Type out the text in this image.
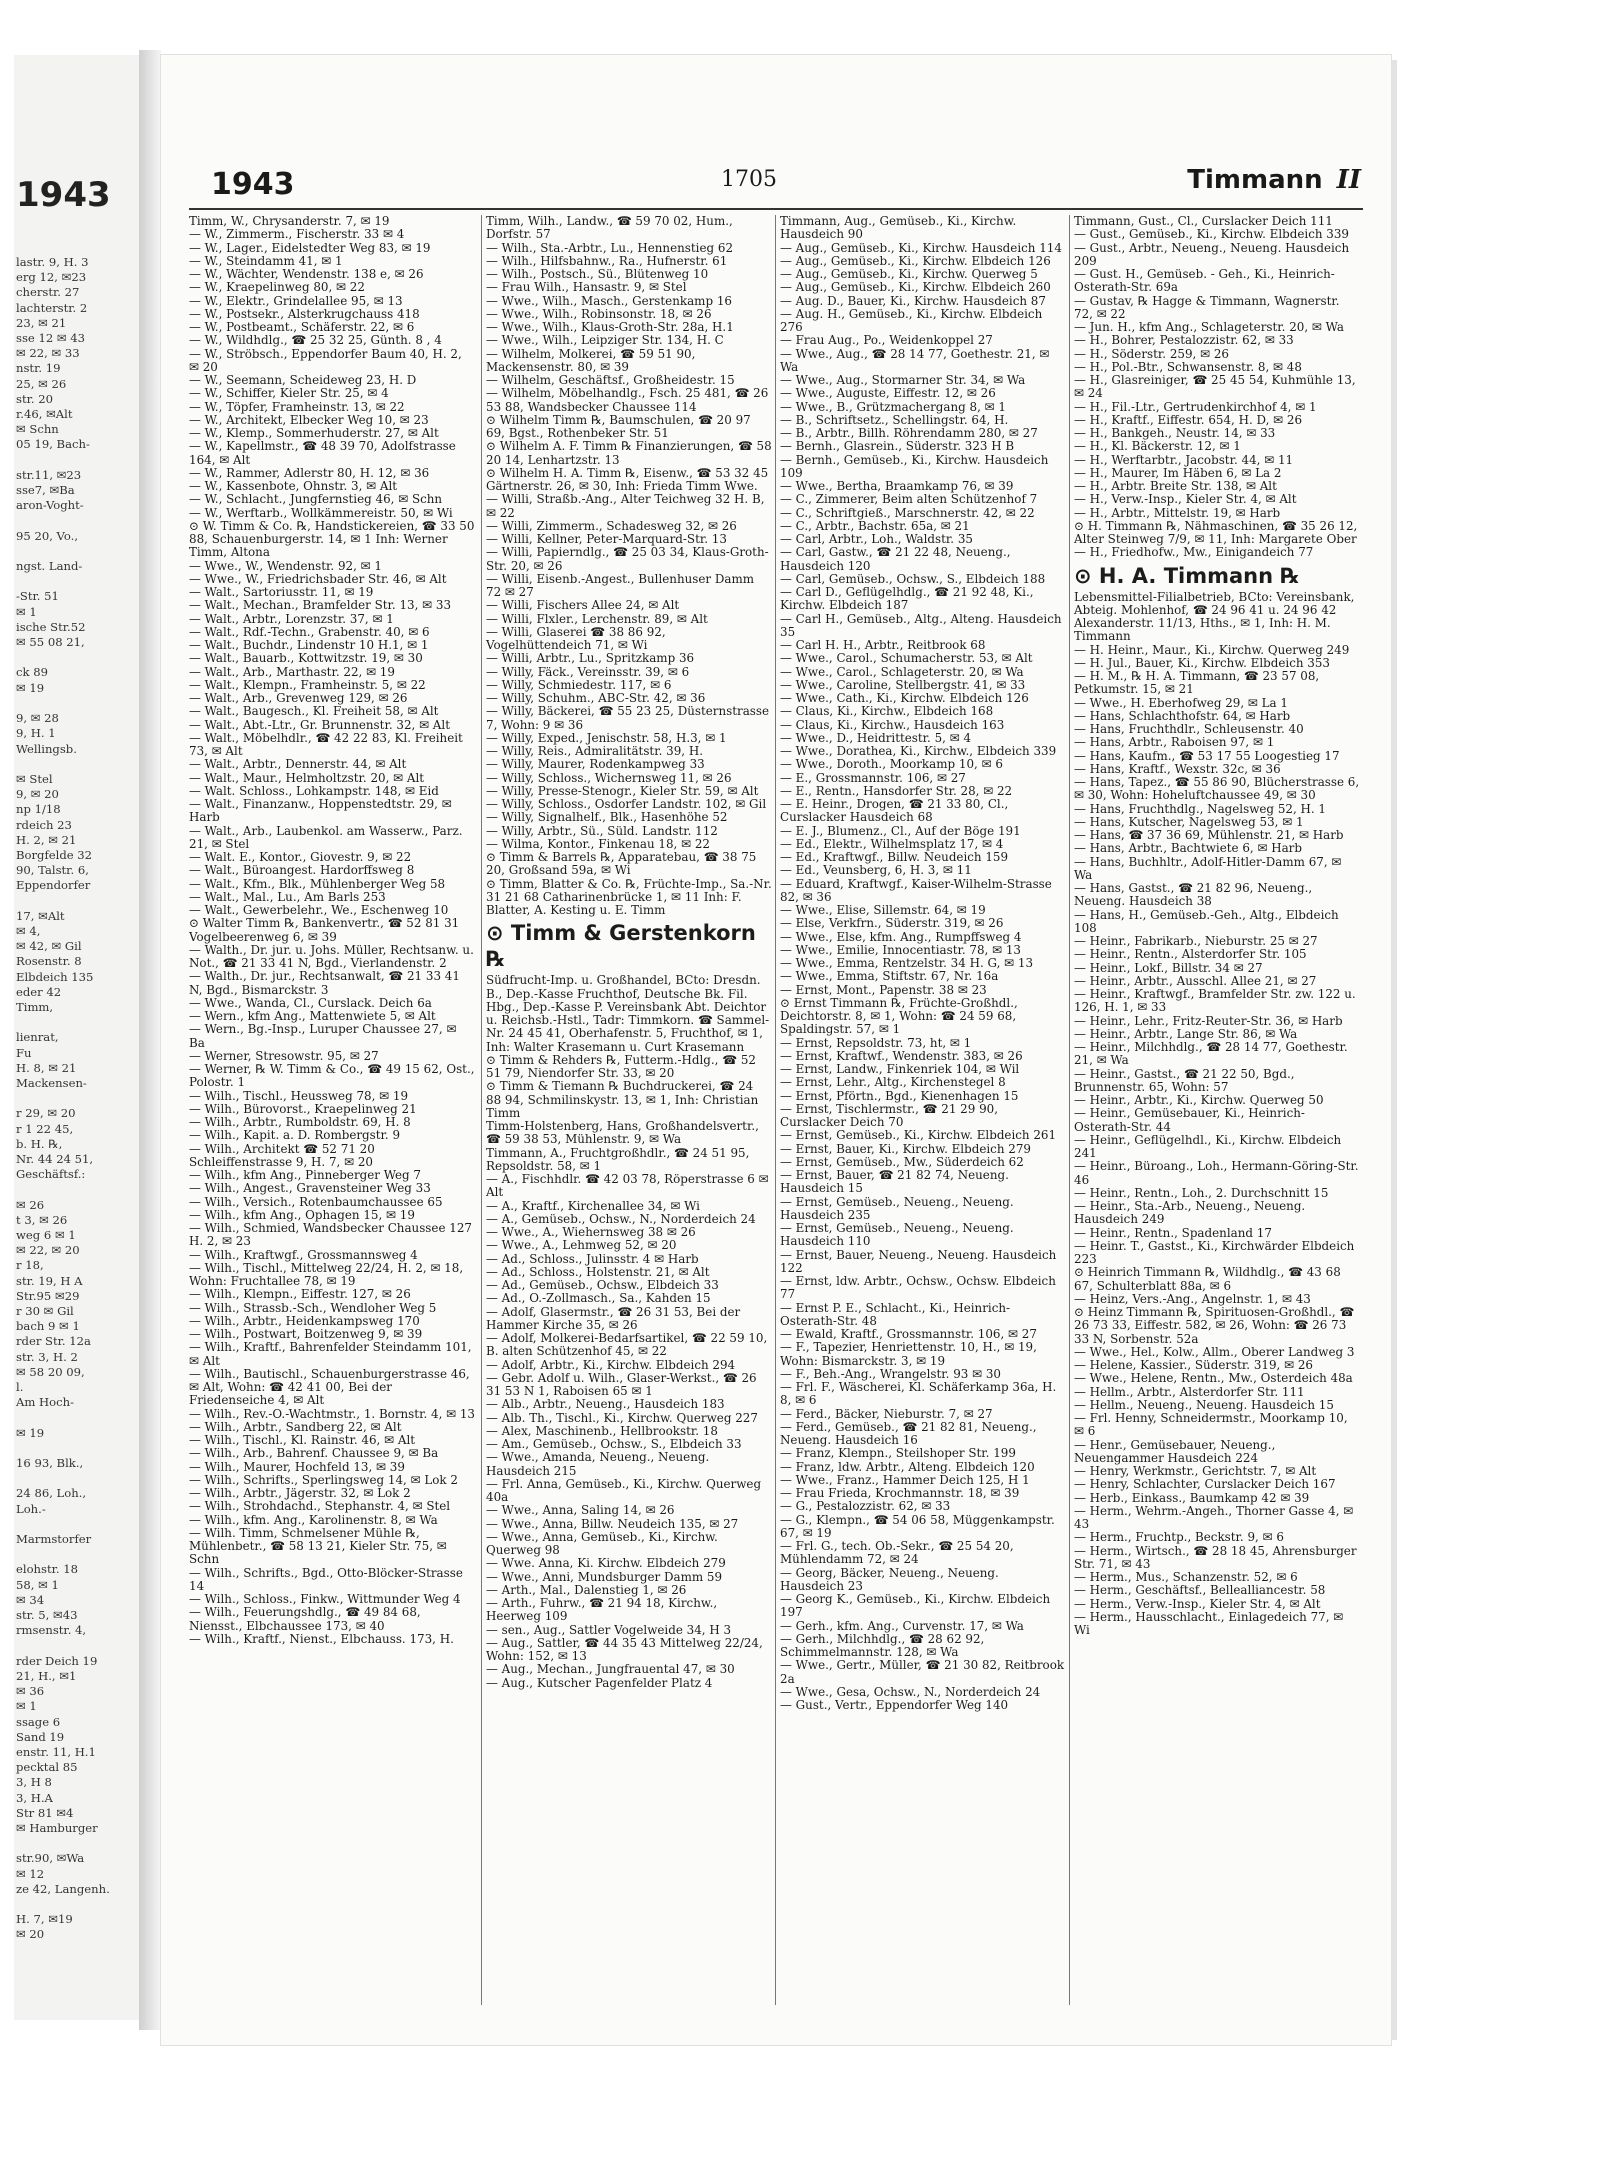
1943
lastr. 9, H. 3
erg 12, ✉23
cherstr. 27
lachterstr. 2
23, ✉ 21
sse 12 ✉ 43
✉ 22, ✉ 33
nstr. 19
25, ✉ 26
str. 20
r.46, ✉Alt
✉ Schn
05 19, Bach-

str.11, ✉23
sse7, ✉Ba
aron-Voght-

95 20, Vo.,

ngst. Land-

-Str. 51
✉ 1
ische Str.52
✉ 55 08 21,

ck 89
✉ 19

9, ✉ 28
9, H. 1
Wellingsb.

✉ Stel
9, ✉ 20
np 1/18
rdeich 23
H. 2, ✉ 21
Borgfelde 32
90, Talstr. 6,
Eppendorfer

17, ✉Alt
✉ 4,
✉ 42, ✉ Gil
Rosenstr. 8
Elbdeich 135
eder 42
Timm,

lienrat,
Fu
H. 8, ✉ 21
Mackensen-

r 29, ✉ 20
r 1 22 45,
b. H. ℞,
Nr. 44 24 51,
Geschäftsf.:

✉ 26
t 3, ✉ 26
weg 6 ✉ 1
✉ 22, ✉ 20
r 18,
str. 19, H A
Str.95 ✉29
r 30 ✉ Gil
bach 9 ✉ 1
rder Str. 12a
str. 3, H. 2
✉ 58 20 09,
l.
Am Hoch-

✉ 19

16 93, Blk.,

24 86, Loh.,
Loh.-

Marmstorfer

elohstr. 18
58, ✉ 1
✉ 34
str. 5, ✉43
rmsenstr. 4,

rder Deich 19
21, H., ✉1
✉ 36
✉ 1
ssage 6
Sand 19
enstr. 11, H.1
pecktal 85
3, H 8
3, H.A
Str 81 ✉4
✉ Hamburger

str.90, ✉Wa
✉ 12
ze 42, Langenh.

H. 7, ✉19
✉ 20
1943	1705	Timmann II
Timm, W., Chrysanderstr. 7, ✉ 19
— W., Zimmerm., Fischerstr. 33 ✉ 4
— W., Lager., Eidelstedter Weg 83, ✉ 19
— W., Steindamm 41, ✉ 1
— W., Wächter, Wendenstr. 138 e, ✉ 26
— W., Kraepelinweg 80, ✉ 22
— W., Elektr., Grindelallee 95, ✉ 13
— W., Postsekr., Alsterkrugchauss 418
— W., Postbeamt., Schäferstr. 22, ✉ 6
— W., Wildhdlg., ☎ 25 32 25, Günth. 8 , 4
— W., Ströbsch., Eppendorfer Baum 40, H. 2, ✉ 20
— W., Seemann, Scheideweg 23, H. D
— W., Schiffer, Kieler Str. 25, ✉ 4
— W., Töpfer, Framheinstr. 13, ✉ 22
— W., Architekt, Elbecker Weg 10, ✉ 23
— W., Klemp., Sommerhuderstr. 27, ✉ Alt
— W., Kapellmstr., ☎ 48 39 70, Adolfstrasse 164, ✉ Alt
— W., Rammer, Adlerstr 80, H. 12, ✉ 36
— W., Kassenbote, Ohnstr. 3, ✉ Alt
— W., Schlacht., Jungfernstieg 46, ✉ Schn
— W., Werftarb., Wollkämmereistr. 50, ✉ Wi
⊙ W. Timm & Co. ℞, Handstickereien, ☎ 33 50 88, Schauenburgerstr. 14, ✉ 1 Inh: Werner Timm, Altona
— Wwe., W., Wendenstr. 92, ✉ 1
— Wwe., W., Friedrichsbader Str. 46, ✉ Alt
— Walt., Sartoriusstr. 11, ✉ 19
— Walt., Mechan., Bramfelder Str. 13, ✉ 33
— Walt., Arbtr., Lorenzstr. 37, ✉ 1
— Walt., Rdf.-Techn., Grabenstr. 40, ✉ 6
— Walt., Buchdr., Lindenstr 10 H.1, ✉ 1
— Walt., Bauarb., Kottwitzstr. 19, ✉ 30
— Walt., Arb., Marthastr. 22, ✉ 19
— Walt., Klempn., Framheinstr. 5, ✉ 22
— Walt., Arb., Grevenweg 129, ✉ 26
— Walt., Baugesch., Kl. Freiheit 58, ✉ Alt
— Walt., Abt.-Ltr., Gr. Brunnenstr. 32, ✉ Alt
— Walt., Möbelhdlr., ☎ 42 22 83, Kl. Freiheit 73, ✉ Alt
— Walt., Arbtr., Dennerstr. 44, ✉ Alt
— Walt., Maur., Helmholtzstr. 20, ✉ Alt
— Walt. Schloss., Lohkampstr. 148, ✉ Eid
— Walt., Finanzanw., Hoppenstedtstr. 29, ✉ Harb
— Walt., Arb., Laubenkol. am Wasserw., Parz. 21, ✉ Stel
— Walt. E., Kontor., Giovestr. 9, ✉ 22
— Walt., Büroangest. Hardorffsweg 8
— Walt., Kfm., Blk., Mühlenberger Weg 58
— Walt., Mal., Lu., Am Barls 253
— Walt., Gewerbelehr., We., Eschenweg 10
⊙ Walter Timm ℞, Bankenvertr., ☎ 52 81 31 Vogelbeerenweg 6, ✉ 39
— Walth., Dr. jur. u. Johs. Müller, Rechtsanw. u. Not., ☎ 21 33 41 N, Bgd., Vierlandenstr. 2
— Walth., Dr. jur., Rechtsanwalt, ☎ 21 33 41 N, Bgd., Bismarckstr. 3
— Wwe., Wanda, Cl., Curslack. Deich 6a
— Wern., kfm Ang., Mattenwiete 5, ✉ Alt
— Wern., Bg.-Insp., Luruper Chaussee 27, ✉ Ba
— Werner, Stresowstr. 95, ✉ 27
— Werner, ℞ W. Timm & Co., ☎ 49 15 62, Ost., Polostr. 1
— Wilh., Tischl., Heussweg 78, ✉ 19
— Wilh., Bürovorst., Kraepelinweg 21
— Wilh., Arbtr., Rumboldstr. 69, H. 8
— Wilh., Kapit. a. D. Rombergstr. 9
— Wilh., Architekt ☎ 52 71 20 Schleiffenstrasse 9, H. 7, ✉ 20
— Wilh., kfm Ang., Pinneberger Weg 7
— Wilh., Angest., Gravensteiner Weg 33
— Wilh., Versich., Rotenbaumchaussee 65
— Wilh., kfm Ang., Ophagen 15, ✉ 19
— Wilh., Schmied, Wandsbecker Chaussee 127 H. 2, ✉ 23
— Wilh., Kraftwgf., Grossmannsweg 4
— Wilh., Tischl., Mittelweg 22/24, H. 2, ✉ 18, Wohn: Fruchtallee 78, ✉ 19
— Wilh., Klempn., Eiffestr. 127, ✉ 26
— Wilh., Strassb.-Sch., Wendloher Weg 5
— Wilh., Arbtr., Heidenkampsweg 170
— Wilh., Postwart, Boitzenweg 9, ✉ 39
— Wilh., Kraftf., Bahrenfelder Steindamm 101, ✉ Alt
— Wilh., Bautischl., Schauenburgerstrasse 46, ✉ Alt, Wohn: ☎ 42 41 00, Bei der Friedenseiche 4, ✉ Alt
— Wilh., Rev.-O.-Wachtmstr., 1. Bornstr. 4, ✉ 13
— Wilh., Arbtr., Sandberg 22, ✉ Alt
— Wilh., Tischl., Kl. Rainstr. 46, ✉ Alt
— Wilh., Arb., Bahrenf. Chaussee 9, ✉ Ba
— Wilh., Maurer, Hochfeld 13, ✉ 39
— Wilh., Schrifts., Sperlingsweg 14, ✉ Lok 2
— Wilh., Arbtr., Jägerstr. 32, ✉ Lok 2
— Wilh., Strohdachd., Stephanstr. 4, ✉ Stel
— Wilh., kfm. Ang., Karolinenstr. 8, ✉ Wa
— Wilh. Timm, Schmelsener Mühle ℞, Mühlenbetr., ☎ 58 13 21, Kieler Str. 75, ✉ Schn
— Wilh., Schrifts., Bgd., Otto-Blöcker-Strasse 14
— Wilh., Schloss., Finkw., Wittmunder Weg 4
— Wilh., Feuerungshdlg., ☎ 49 84 68, Niensst., Elbchaussee 173, ✉ 40
— Wilh., Kraftf., Nienst., Elbchauss. 173, H.
Timm, Wilh., Landw., ☎ 59 70 02, Hum., Dorfstr. 57
— Wilh., Sta.-Arbtr., Lu., Hennenstieg 62
— Wilh., Hilfsbahnw., Ra., Hufnerstr. 61
— Wilh., Postsch., Sü., Blütenweg 10
— Frau Wilh., Hansastr. 9, ✉ Stel
— Wwe., Wilh., Masch., Gerstenkamp 16
— Wwe., Wilh., Robinsonstr. 18, ✉ 26
— Wwe., Wilh., Klaus-Groth-Str. 28a, H.1
— Wwe., Wilh., Leipziger Str. 134, H. C
— Wilhelm, Molkerei, ☎ 59 51 90, Mackensenstr. 80, ✉ 39
— Wilhelm, Geschäftsf., Großheidestr. 15
— Wilhelm, Möbelhandlg., Fsch. 25 481, ☎ 26 53 88, Wandsbecker Chaussee 114
⊙ Wilhelm Timm ℞, Baumschulen, ☎ 20 97 69, Bgst., Rothenbeker Str. 51
⊙ Wilhelm A. F. Timm ℞ Finanzierungen, ☎ 58 20 14, Lenhartzstr. 13
⊙ Wilhelm H. A. Timm ℞, Eisenw., ☎ 53 32 45 Gärtnerstr. 26, ✉ 30, Inh: Frieda Timm Wwe.
— Willi, Straßb.-Ang., Alter Teichweg 32 H. B, ✉ 22
— Willi, Zimmerm., Schadesweg 32, ✉ 26
— Willi, Kellner, Peter-Marquard-Str. 13
— Willi, Papierndlg., ☎ 25 03 34, Klaus-Groth-Str. 20, ✉ 26
— Willi, Eisenb.-Angest., Bullenhuser Damm 72 ✉ 27
— Willi, Fischers Allee 24, ✉ Alt
— Willi, Flxler., Lerchenstr. 89, ✉ Alt
— Willi, Glaserei ☎ 38 86 92, Vogelhüttendeich 71, ✉ Wi
— Willi, Arbtr., Lu., Spritzkamp 36
— Willy, Fäck., Vereinsstr. 39, ✉ 6
— Willy, Schmiedestr. 117, ✉ 6
— Willy, Schuhm., ABC-Str. 42, ✉ 36
— Willy, Bäckerei, ☎ 55 23 25, Düsternstrasse 7, Wohn: 9 ✉ 36
— Willy, Exped., Jenischstr. 58, H.3, ✉ 1
— Willy, Reis., Admiralitätstr. 39, H.
— Willy, Maurer, Rodenkampweg 33
— Willy, Schloss., Wichernsweg 11, ✉ 26
— Willy, Presse-Stenogr., Kieler Str. 59, ✉ Alt
— Willy, Schloss., Osdorfer Landstr. 102, ✉ Gil
— Willy, Signalhelf., Blk., Hasenhöhe 52
— Willy, Arbtr., Sü., Süld. Landstr. 112
— Wilma, Kontor., Finkenau 18, ✉ 22
⊙ Timm & Barrels ℞, Apparatebau, ☎ 38 75 20, Großsand 59a, ✉ Wi
⊙ Timm, Blatter & Co. ℞, Früchte-Imp., Sa.-Nr. 31 21 68 Catharinenbrücke 1, ✉ 11 Inh: F. Blatter, A. Kesting u. E. Timm
⊙ Timm & Gerstenkorn ℞
Südfrucht-Imp. u. Großhandel, BCto: Dresdn. B., Dep.-Kasse Fruchthof, Deutsche Bk. Fil. Hbg., Dep.-Kasse P. Vereinsbank Abt. Deichtor u. Reichsb.-Hstl., Tadr: Timmkorn. ☎ Sammel-Nr. 24 45 41, Oberhafenstr. 5, Fruchthof, ✉ 1, Inh: Walter Krasemann u. Curt Krasemann
⊙ Timm & Rehders ℞, Futterm.-Hdlg., ☎ 52 51 79, Niendorfer Str. 33, ✉ 20
⊙ Timm & Tiemann ℞ Buchdruckerei, ☎ 24 88 94, Schmilinskystr. 13, ✉ 1, Inh: Christian Timm
Timm-Holstenberg, Hans, Großhandelsvertr., ☎ 59 38 53, Mühlenstr. 9, ✉ Wa
Timmann, A., Fruchtgroßhdlr., ☎ 24 51 95, Repsoldstr. 58, ✉ 1
— A., Fischhdlr. ☎ 42 03 78, Röperstrasse 6 ✉ Alt
— A., Kraftf., Kirchenallee 34, ✉ Wi
— A., Gemüseb., Ochsw., N., Norderdeich 24
— Wwe., A., Wiehernsweg 38 ✉ 26
— Wwe., A., Lehmweg 52, ✉ 20
— Ad., Schloss., Julinsstr. 4 ✉ Harb
— Ad., Schloss., Holstenstr. 21, ✉ Alt
— Ad., Gemüseb., Ochsw., Elbdeich 33
— Ad., O.-Zollmasch., Sa., Kahden 15
— Adolf, Glasermstr., ☎ 26 31 53, Bei der Hammer Kirche 35, ✉ 26
— Adolf, Molkerei-Bedarfsartikel, ☎ 22 59 10, B. alten Schützenhof 45, ✉ 22
— Adolf, Arbtr., Ki., Kirchw. Elbdeich 294
— Gebr. Adolf u. Wilh., Glaser-Werkst., ☎ 26 31 53 N 1, Raboisen 65 ✉ 1
— Alb., Arbtr., Neueng., Hausdeich 183
— Alb. Th., Tischl., Ki., Kirchw. Querweg 227
— Alex, Maschinenb., Hellbrookstr. 18
— Am., Gemüseb., Ochsw., S., Elbdeich 33
— Wwe., Amanda, Neueng., Neueng. Hausdeich 215
— Frl. Anna, Gemüseb., Ki., Kirchw. Querweg 40a
— Wwe., Anna, Saling 14, ✉ 26
— Wwe., Anna, Billw. Neudeich 135, ✉ 27
— Wwe., Anna, Gemüseb., Ki., Kirchw. Querweg 98
— Wwe. Anna, Ki. Kirchw. Elbdeich 279
— Wwe., Anni, Mundsburger Damm 59
— Arth., Mal., Dalenstieg 1, ✉ 26
— Arth., Fuhrw., ☎ 21 94 18, Kirchw., Heerweg 109
— sen., Aug., Sattler Vogelweide 34, H 3
— Aug., Sattler, ☎ 44 35 43 Mittelweg 22/24, Wohn: 152, ✉ 13
— Aug., Mechan., Jungfrauental 47, ✉ 30
— Aug., Kutscher Pagenfelder Platz 4
Timmann, Aug., Gemüseb., Ki., Kirchw. Hausdeich 90
— Aug., Gemüseb., Ki., Kirchw. Hausdeich 114
— Aug., Gemüseb., Ki., Kirchw. Elbdeich 126
— Aug., Gemüseb., Ki., Kirchw. Querweg 5
— Aug., Gemüseb., Ki., Kirchw. Elbdeich 260
— Aug. D., Bauer, Ki., Kirchw. Hausdeich 87
— Aug. H., Gemüseb., Ki., Kirchw. Elbdeich 276
— Frau Aug., Po., Weidenkoppel 27
— Wwe., Aug., ☎ 28 14 77, Goethestr. 21, ✉ Wa
— Wwe., Aug., Stormarner Str. 34, ✉ Wa
— Wwe., Auguste, Eiffestr. 12, ✉ 26
— Wwe., B., Grützmachergang 8, ✉ 1
— B., Schriftsetz., Schellingstr. 64, H.
— B., Arbtr., Billh. Röhrendamm 280, ✉ 27
— Bernh., Glasrein., Süderstr. 323 H B
— Bernh., Gemüseb., Ki., Kirchw. Hausdeich 109
— Wwe., Bertha, Braamkamp 76, ✉ 39
— C., Zimmerer, Beim alten Schützenhof 7
— C., Schriftgieß., Marschnerstr. 42, ✉ 22
— C., Arbtr., Bachstr. 65a, ✉ 21
— Carl, Arbtr., Loh., Waldstr. 35
— Carl, Gastw., ☎ 21 22 48, Neueng., Hausdeich 120
— Carl, Gemüseb., Ochsw., S., Elbdeich 188
— Carl D., Geflügelhdlg., ☎ 21 92 48, Ki., Kirchw. Elbdeich 187
— Carl H., Gemüseb., Altg., Alteng. Hausdeich 35
— Carl H. H., Arbtr., Reitbrook 68
— Wwe., Carol., Schumacherstr. 53, ✉ Alt
— Wwe., Carol., Schlageterstr. 20, ✉ Wa
— Wwe., Caroline, Stellbergstr. 41, ✉ 33
— Wwe., Cath., Ki., Kirchw. Elbdeich 126
— Claus, Ki., Kirchw., Elbdeich 168
— Claus, Ki., Kirchw., Hausdeich 163
— Wwe., D., Heidrittestr. 5, ✉ 4
— Wwe., Dorathea, Ki., Kirchw., Elbdeich 339
— Wwe., Doroth., Moorkamp 10, ✉ 6
— E., Grossmannstr. 106, ✉ 27
— E., Rentn., Hansdorfer Str. 28, ✉ 22
— E. Heinr., Drogen, ☎ 21 33 80, Cl., Curslacker Hausdeich 68
— E. J., Blumenz., Cl., Auf der Böge 191
— Ed., Elektr., Wilhelmsplatz 17, ✉ 4
— Ed., Kraftwgf., Billw. Neudeich 159
— Ed., Veunsberg, 6, H. 3, ✉ 11
— Eduard, Kraftwgf., Kaiser-Wilhelm-Strasse 82, ✉ 36
— Wwe., Elise, Sillemstr. 64, ✉ 19
— Else, Verkfrn., Süderstr. 319, ✉ 26
— Wwe., Else, kfm. Ang., Rumpffsweg 4
— Wwe., Emilie, Innocentiastr. 78, ✉ 13
— Wwe., Emma, Rentzelstr. 34 H. G, ✉ 13
— Wwe., Emma, Stiftstr. 67, Nr. 16a
— Ernst, Mont., Papenstr. 38 ✉ 23
⊙ Ernst Timmann ℞, Früchte-Großhdl., Deichtorstr. 8, ✉ 1, Wohn: ☎ 24 59 68, Spaldingstr. 57, ✉ 1
— Ernst, Repsoldstr. 73, ht, ✉ 1
— Ernst, Kraftwf., Wendenstr. 383, ✉ 26
— Ernst, Landw., Finkenriek 104, ✉ Wil
— Ernst, Lehr., Altg., Kirchenstegel 8
— Ernst, Pförtn., Bgd., Kienenhagen 15
— Ernst, Tischlermstr., ☎ 21 29 90, Curslacker Deich 70
— Ernst, Gemüseb., Ki., Kirchw. Elbdeich 261
— Ernst, Bauer, Ki., Kirchw. Elbdeich 279
— Ernst, Gemüseb., Mw., Süderdeich 62
— Ernst, Bauer, ☎ 21 82 74, Neueng. Hausdeich 15
— Ernst, Gemüseb., Neueng., Neueng. Hausdeich 235
— Ernst, Gemüseb., Neueng., Neueng. Hausdeich 110
— Ernst, Bauer, Neueng., Neueng. Hausdeich 122
— Ernst, ldw. Arbtr., Ochsw., Ochsw. Elbdeich 77
— Ernst P. E., Schlacht., Ki., Heinrich-Osterath-Str. 48
— Ewald, Kraftf., Grossmannstr. 106, ✉ 27
— F., Tapezier, Henriettenstr. 10, H., ✉ 19, Wohn: Bismarckstr. 3, ✉ 19
— F., Beh.-Ang., Wrangelstr. 93 ✉ 30
— Frl. F., Wäscherei, Kl. Schäferkamp 36a, H. 8, ✉ 6
— Ferd., Bäcker, Nieburstr. 7, ✉ 27
— Ferd., Gemüseb., ☎ 21 82 81, Neueng., Neueng. Hausdeich 16
— Franz, Klempn., Steilshoper Str. 199
— Franz, ldw. Arbtr., Alteng. Elbdeich 120
— Wwe., Franz., Hammer Deich 125, H 1
— Frau Frieda, Krochmannstr. 18, ✉ 39
— G., Pestalozzistr. 62, ✉ 33
— G., Klempn., ☎ 54 06 58, Müggenkampstr. 67, ✉ 19
— Frl. G., tech. Ob.-Sekr., ☎ 25 54 20, Mühlendamm 72, ✉ 24
— Georg, Bäcker, Neueng., Neueng. Hausdeich 23
— Georg K., Gemüseb., Ki., Kirchw. Elbdeich 197
— Gerh., kfm. Ang., Curvenstr. 17, ✉ Wa
— Gerh., Milchhdlg., ☎ 28 62 92, Schimmelmannstr. 128, ✉ Wa
— Wwe., Gertr., Müller, ☎ 21 30 82, Reitbrook 2a
— Wwe., Gesa, Ochsw., N., Norderdeich 24
— Gust., Vertr., Eppendorfer Weg 140
Timmann, Gust., Cl., Curslacker Deich 111
— Gust., Gemüseb., Ki., Kirchw. Elbdeich 339
— Gust., Arbtr., Neueng., Neueng. Hausdeich 209
— Gust. H., Gemüseb. - Geh., Ki., Heinrich-Osterath-Str. 69a
— Gustav, ℞ Hagge & Timmann, Wagnerstr. 72, ✉ 22
— Jun. H., kfm Ang., Schlageterstr. 20, ✉ Wa
— H., Bohrer, Pestalozzistr. 62, ✉ 33
— H., Söderstr. 259, ✉ 26
— H., Pol.-Btr., Schwansenstr. 8, ✉ 48
— H., Glasreiniger, ☎ 25 45 54, Kuhmühle 13, ✉ 24
— H., Fil.-Ltr., Gertrudenkirchhof 4, ✉ 1
— H., Kraftf., Eiffestr. 654, H. D, ✉ 26
— H., Bankgeh., Neustr. 14, ✉ 33
— H., Kl. Bäckerstr. 12, ✉ 1
— H., Werftarbtr., Jacobstr. 44, ✉ 11
— H., Maurer, Im Häben 6, ✉ La 2
— H., Arbtr. Breite Str. 138, ✉ Alt
— H., Verw.-Insp., Kieler Str. 4, ✉ Alt
— H., Arbtr., Mittelstr. 19, ✉ Harb
⊙ H. Timmann ℞, Nähmaschinen, ☎ 35 26 12, Alter Steinweg 7/9, ✉ 11, Inh: Margarete Ober
— H., Friedhofw., Mw., Einigandeich 77
⊙ H. A. Timmann ℞
Lebensmittel-Filialbetrieb, BCto: Vereinsbank, Abteig. Mohlenhof, ☎ 24 96 41 u. 24 96 42 Alexanderstr. 11/13, Hths., ✉ 1, Inh: H. M. Timmann
— H. Heinr., Maur., Ki., Kirchw. Querweg 249
— H. Jul., Bauer, Ki., Kirchw. Elbdeich 353
— H. M., ℞ H. A. Timmann, ☎ 23 57 08, Petkumstr. 15, ✉ 21
— Wwe., H. Eberhofweg 29, ✉ La 1
— Hans, Schlachthofstr. 64, ✉ Harb
— Hans, Fruchthdlr., Schleusenstr. 40
— Hans, Arbtr., Raboisen 97, ✉ 1
— Hans, Kaufm., ☎ 53 17 55 Loogestieg 17
— Hans, Kraftf., Wexstr. 32c, ✉ 36
— Hans, Tapez., ☎ 55 86 90, Blücherstrasse 6, ✉ 30, Wohn: Hoheluftchaussee 49, ✉ 30
— Hans, Fruchthdlg., Nagelsweg 52, H. 1
— Hans, Kutscher, Nagelsweg 53, ✉ 1
— Hans, ☎ 37 36 69, Mühlenstr. 21, ✉ Harb
— Hans, Arbtr., Bachtwiete 6, ✉ Harb
— Hans, Buchhltr., Adolf-Hitler-Damm 67, ✉ Wa
— Hans, Gastst., ☎ 21 82 96, Neueng., Neueng. Hausdeich 38
— Hans, H., Gemüseb.-Geh., Altg., Elbdeich 108
— Heinr., Fabrikarb., Nieburstr. 25 ✉ 27
— Heinr., Rentn., Alsterdorfer Str. 105
— Heinr., Lokf., Billstr. 34 ✉ 27
— Heinr., Arbtr., Ausschl. Allee 21, ✉ 27
— Heinr., Kraftwgf., Bramfelder Str. zw. 122 u. 126, H. 1, ✉ 33
— Heinr., Lehr., Fritz-Reuter-Str. 36, ✉ Harb
— Heinr., Arbtr., Lange Str. 86, ✉ Wa
— Heinr., Milchhdlg., ☎ 28 14 77, Goethestr. 21, ✉ Wa
— Heinr., Gastst., ☎ 21 22 50, Bgd., Brunnenstr. 65, Wohn: 57
— Heinr., Arbtr., Ki., Kirchw. Querweg 50
— Heinr., Gemüsebauer, Ki., Heinrich-Osterath-Str. 44
— Heinr., Geflügelhdl., Ki., Kirchw. Elbdeich 241
— Heinr., Büroang., Loh., Hermann-Göring-Str. 46
— Heinr., Rentn., Loh., 2. Durchschnitt 15
— Heinr., Sta.-Arb., Neueng., Neueng. Hausdeich 249
— Heinr., Rentn., Spadenland 17
— Heinr. T., Gastst., Ki., Kirchwärder Elbdeich 223
⊙ Heinrich Timmann ℞, Wildhdlg., ☎ 43 68 67, Schulterblatt 88a, ✉ 6
— Heinz, Vers.-Ang., Angelnstr. 1, ✉ 43
⊙ Heinz Timmann ℞, Spirituosen-Großhdl., ☎ 26 73 33, Eiffestr. 582, ✉ 26, Wohn: ☎ 26 73 33 N, Sorbenstr. 52a
— Wwe., Hel., Kolw., Allm., Oberer Landweg 3
— Helene, Kassier., Süderstr. 319, ✉ 26
— Wwe., Helene, Rentn., Mw., Osterdeich 48a
— Hellm., Arbtr., Alsterdorfer Str. 111
— Hellm., Neueng., Neueng. Hausdeich 15
— Frl. Henny, Schneidermstr., Moorkamp 10, ✉ 6
— Henr., Gemüsebauer, Neueng., Neuengammer Hausdeich 224
— Henry, Werkmstr., Gerichtstr. 7, ✉ Alt
— Henry, Schlachter, Curslacker Deich 167
— Herb., Einkass., Baumkamp 42 ✉ 39
— Herm., Wehrm.-Angeh., Thorner Gasse 4, ✉ 43
— Herm., Fruchtp., Beckstr. 9, ✉ 6
— Herm., Wirtsch., ☎ 28 18 45, Ahrensburger Str. 71, ✉ 43
— Herm., Mus., Schanzenstr. 52, ✉ 6
— Herm., Geschäftsf., Bellealliancestr. 58
— Herm., Verw.-Insp., Kieler Str. 4, ✉ Alt
— Herm., Hausschlacht., Einlagedeich 77, ✉ Wi
